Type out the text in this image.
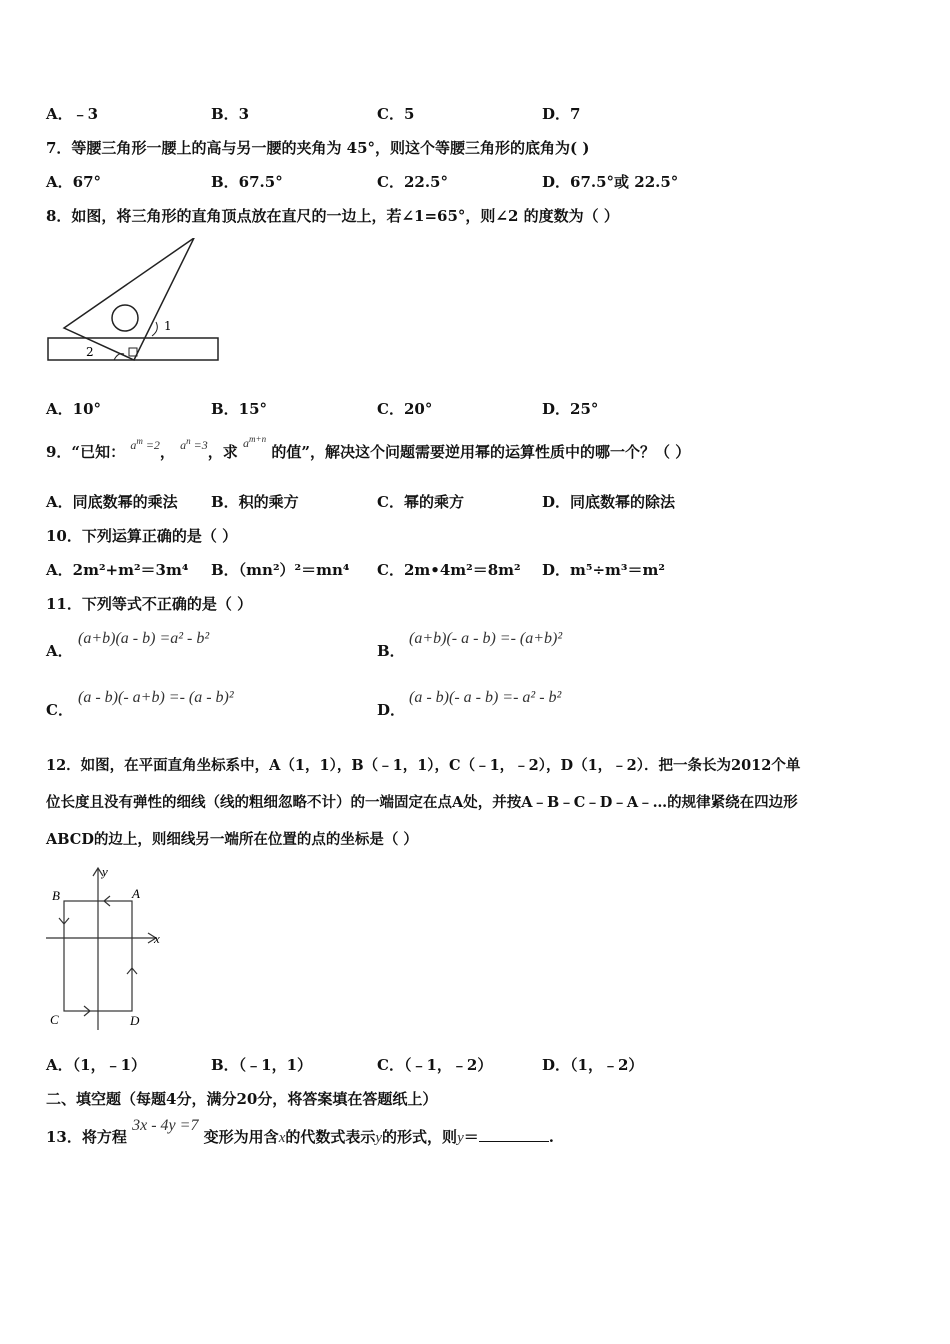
A．﹣3	B．3	C．5	D．7
7．等腰三角形一腰上的高与另一腰的夹角为 45°，则这个等腰三角形的底角为( )
A．67°	B．67.5°	C．22.5°	D．67.5°或 22.5°
8．如图，将三角形的直角顶点放在直尺的一边上，若∠1=65°，则∠2 的度数为（ ）
1
2
A．10°	B．15°	C．20°	D．25°
9．“已知： $^{a^m =2}$， $^{a^n =3}$，求 $^{a^{m+n}}$ 的值”，解决这个问题需要逆用幂的运算性质中的哪一个？（ ）
A．同底数幂的乘法 B．积的乘方	C．幂的乘方	D．同底数幂的除法
10．下列运算正确的是（ ）
A．2m²+m²＝3m⁴ B．（mn²）²＝mn⁴ C．2m•4m²＝8m² D．m⁵÷m³＝m²
11．下列等式不正确的是（ ）
A．
(a+b)(a - b) =a² - b²
B．
(a+b)(- a - b) =- (a+b)²
C．
(a - b)(- a+b) =- (a - b)²
D．
(a - b)(- a - b) =- a² - b²
12．如图，在平面直角坐标系中，A（1，1），B（﹣1，1），C（﹣1，﹣2），D（1，﹣2）．把一条长为2012个单
位长度且没有弹性的细线（线的粗细忽略不计）的一端固定在点A处，并按A﹣B﹣C﹣D﹣A﹣…的规律紧绕在四边形
ABCD的边上，则细线另一端所在位置的点的坐标是（ ）
B	A
C	D
x
y
A．（1，﹣1）	B．（﹣1，1）	C．（﹣1，﹣2）	D．（1，﹣2）
二、填空题（每题4分，满分20分，将答案填在答题纸上）
13．将方程 3x - 4y =7 变形为用含x的代数式表示y的形式，则y＝	.
